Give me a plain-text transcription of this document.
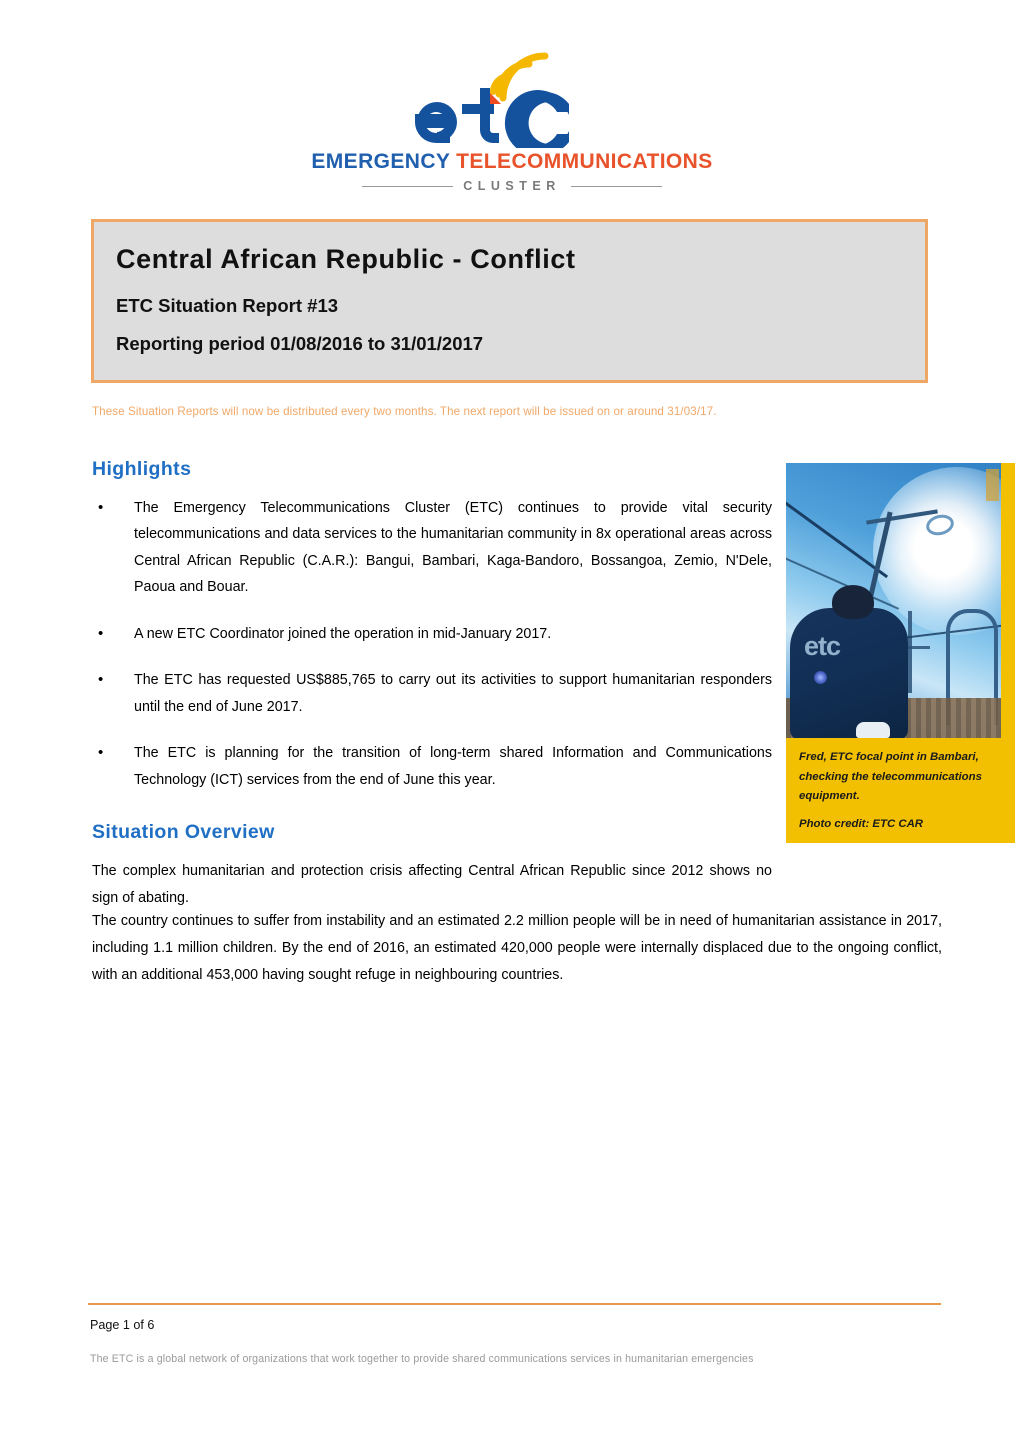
EMERGENCY TELECOMMUNICATIONS
CLUSTER
Central African Republic - Conflict
ETC Situation Report #13
Reporting period 01/08/2016 to 31/01/2017
These Situation Reports will now be distributed every two months. The next report will be issued on or around 31/03/17.
Highlights
• The Emergency Telecommunications Cluster (ETC) continues to provide vital security telecommunications and data services to the humanitarian community in 8x operational areas across Central African Republic (C.A.R.): Bangui, Bambari, Kaga-Bandoro, Bossangoa, Zemio, N'Dele, Paoua and Bouar.
• A new ETC Coordinator joined the operation in mid-January 2017.
• The ETC has requested US$885,765 to carry out its activities to support humanitarian responders until the end of June 2017.
• The ETC is planning for the transition of long-term shared Information and Communications Technology (ICT) services from the end of June this year.
Situation Overview

The complex humanitarian and protection crisis affecting Central African Republic since 2012 shows no sign of abating.

The country continues to suffer from instability and an estimated 2.2 million people will be in need of humanitarian assistance in 2017, including 1.1 million children. By the end of 2016, an estimated 420,000 people were internally displaced due to the ongoing conflict, with an additional 453,000 having sought refuge in neighbouring countries.

etc
Fred, ETC focal point in Bambari, checking the telecommunications equipment.
Photo credit: ETC CAR
Page 1 of 6
The ETC is a global network of organizations that work together to provide shared communications services in humanitarian emergencies
